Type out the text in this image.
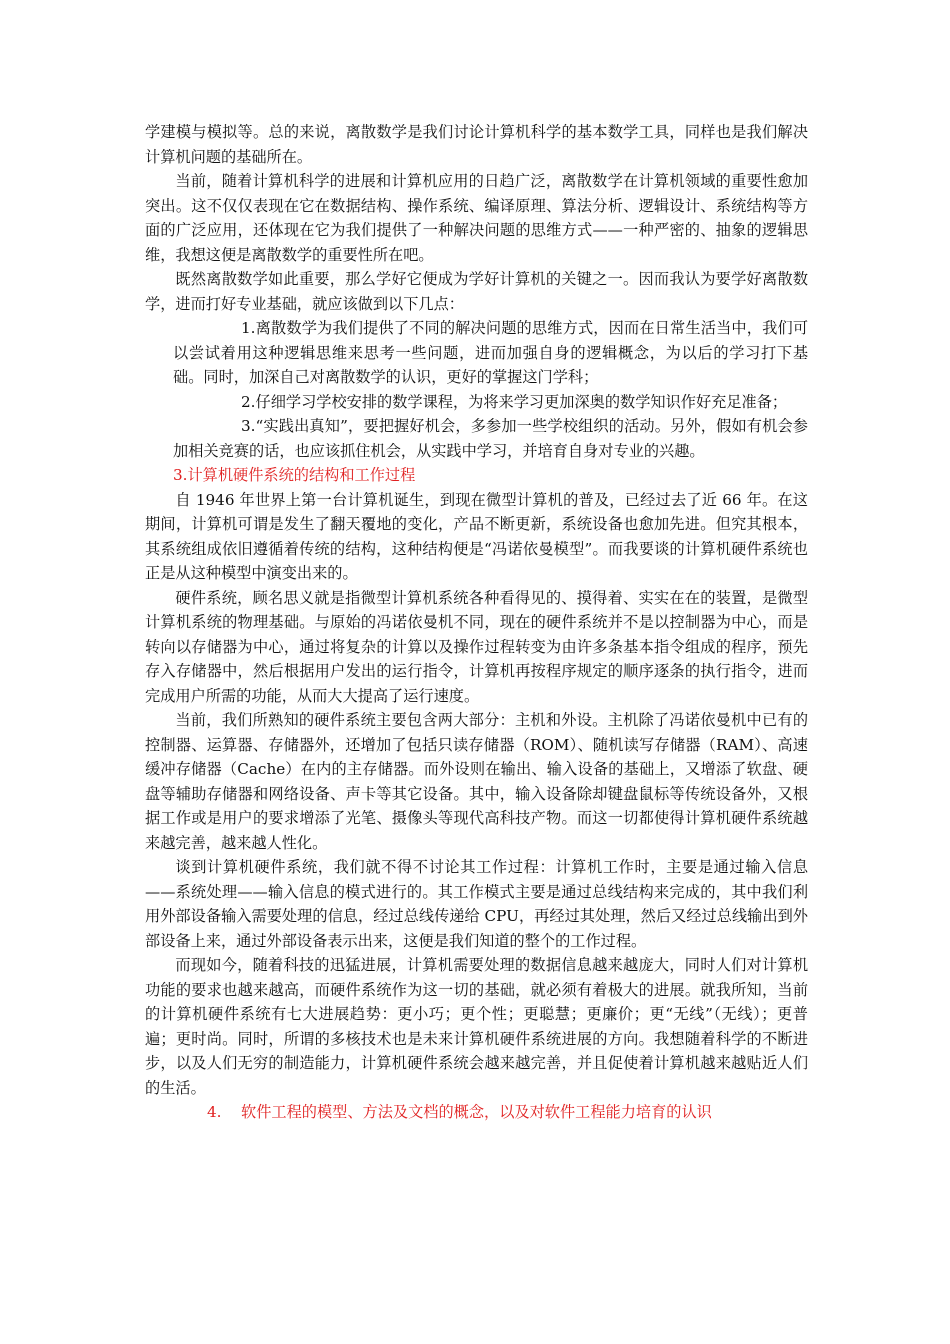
学建模与模拟等。总的来说，离散数学是我们讨论计算机科学的基本数学工具，同样也是我们解决计算机问题的基础所在。

当前，随着计算机科学的进展和计算机应用的日趋广泛，离散数学在计算机领域的重要性愈加突出。这不仅仅表现在它在数据结构、操作系统、编译原理、算法分析、逻辑设计、系统结构等方面的广泛应用，还体现在它为我们提供了一种解决问题的思维方式——一种严密的、抽象的逻辑思维，我想这便是离散数学的重要性所在吧。

既然离散数学如此重要，那么学好它便成为学好计算机的关键之一。因而我认为要学好离散数学，进而打好专业基础，就应该做到以下几点：

1.离散数学为我们提供了不同的解决问题的思维方式，因而在日常生活当中，我们可以尝试着用这种逻辑思维来思考一些问题，进而加强自身的逻辑概念，为以后的学习打下基础。同时，加深自己对离散数学的认识，更好的掌握这门学科；

2.仔细学习学校安排的数学课程，为将来学习更加深奥的数学知识作好充足准备；

3.“实践出真知”，要把握好机会，多参加一些学校组织的活动。另外，假如有机会参加相关竞赛的话，也应该抓住机会，从实践中学习，并培育自身对专业的兴趣。

3.计算机硬件系统的结构和工作过程

自 1946 年世界上第一台计算机诞生，到现在微型计算机的普及，已经过去了近 66 年。在这期间，计算机可谓是发生了翻天覆地的变化，产品不断更新，系统设备也愈加先进。但究其根本，其系统组成依旧遵循着传统的结构，这种结构便是“冯诺依曼模型”。而我要谈的计算机硬件系统也正是从这种模型中演变出来的。

硬件系统，顾名思义就是指微型计算机系统各种看得见的、摸得着、实实在在的装置，是微型计算机系统的物理基础。与原始的冯诺依曼机不同，现在的硬件系统并不是以控制器为中心，而是转向以存储器为中心，通过将复杂的计算以及操作过程转变为由许多条基本指令组成的程序，预先存入存储器中，然后根据用户发出的运行指令，计算机再按程序规定的顺序逐条的执行指令，进而完成用户所需的功能，从而大大提高了运行速度。

当前，我们所熟知的硬件系统主要包含两大部分：主机和外设。主机除了冯诺依曼机中已有的控制器、运算器、存储器外，还增加了包括只读存储器（ROM）、随机读写存储器（RAM）、高速缓冲存储器（Cache）在内的主存储器。而外设则在输出、输入设备的基础上，又增添了软盘、硬盘等辅助存储器和网络设备、声卡等其它设备。其中，输入设备除却键盘鼠标等传统设备外，又根据工作或是用户的要求增添了光笔、摄像头等现代高科技产物。而这一切都使得计算机硬件系统越来越完善，越来越人性化。

谈到计算机硬件系统，我们就不得不讨论其工作过程：计算机工作时，主要是通过输入信息——系统处理——输入信息的模式进行的。其工作模式主要是通过总线结构来完成的，其中我们利用外部设备输入需要处理的信息，经过总线传递给 CPU，再经过其处理，然后又经过总线输出到外部设备上来，通过外部设备表示出来，这便是我们知道的整个的工作过程。

而现如今，随着科技的迅猛进展，计算机需要处理的数据信息越来越庞大，同时人们对计算机功能的要求也越来越高，而硬件系统作为这一切的基础，就必须有着极大的进展。就我所知，当前的计算机硬件系统有七大进展趋势：更小巧；更个性；更聪慧；更廉价；更“无线”（无线）；更普遍；更时尚。同时，所谓的多核技术也是未来计算机硬件系统进展的方向。我想随着科学的不断进步，以及人们无穷的制造能力，计算机硬件系统会越来越完善，并且促使着计算机越来越贴近人们的生活。

4. 软件工程的模型、方法及文档的概念，以及对软件工程能力培育的认识
